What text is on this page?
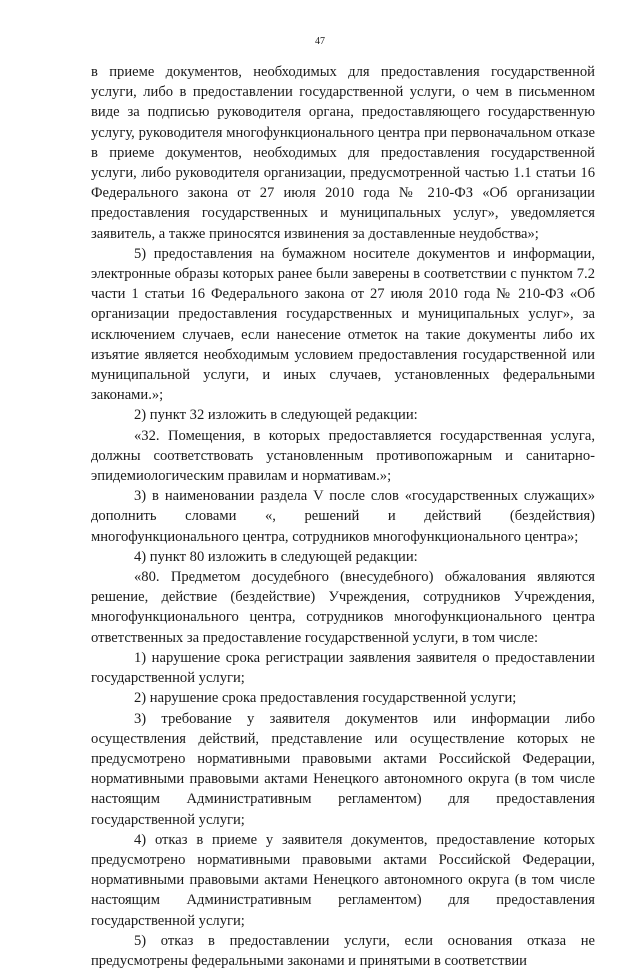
47

в приеме документов, необходимых для предоставления государственной услуги, либо в предоставлении государственной услуги, о чем в письменном виде за подписью руководителя органа, предоставляющего государственную услугу, руководителя многофункционального центра при первоначальном отказе в приеме документов, необходимых для предоставления государственной услуги, либо руководителя организации, предусмотренной частью 1.1 статьи 16 Федерального закона от 27 июля 2010 года № 210-ФЗ «Об организации предоставления государственных и муниципальных услуг», уведомляется заявитель, а также приносятся извинения за доставленные неудобства»;

5) предоставления на бумажном носителе документов и информации, электронные образы которых ранее были заверены в соответствии с пунктом 7.2 части 1 статьи 16 Федерального закона от 27 июля 2010 года № 210-ФЗ «Об организации предоставления государственных и муниципальных услуг», за исключением случаев, если нанесение отметок на такие документы либо их изъятие является необходимым условием предоставления государственной или муниципальной услуги, и иных случаев, установленных федеральными законами.»;

2) пункт 32 изложить в следующей редакции:

«32. Помещения, в которых предоставляется государственная услуга, должны соответствовать установленным противопожарным и санитарно-эпидемиологическим правилам и нормативам.»;

3) в наименовании раздела V после слов «государственных служащих» дополнить словами «, решений и действий (бездействия) многофункционального центра, сотрудников многофункционального центра»;

4) пункт 80 изложить в следующей редакции:

«80. Предметом досудебного (внесудебного) обжалования являются решение, действие (бездействие) Учреждения, сотрудников Учреждения, многофункционального центра, сотрудников многофункционального центра ответственных за предоставление государственной услуги, в том числе:

1) нарушение срока регистрации заявления заявителя о предоставлении государственной услуги;

2) нарушение срока предоставления государственной услуги;

3) требование у заявителя документов или информации либо осуществления действий, представление или осуществление которых не предусмотрено нормативными правовыми актами Российской Федерации, нормативными правовыми актами Ненецкого автономного округа (в том числе настоящим Административным регламентом) для предоставления государственной услуги;

4) отказ в приеме у заявителя документов, предоставление которых предусмотрено нормативными правовыми актами Российской Федерации, нормативными правовыми актами Ненецкого автономного округа (в том числе настоящим Административным регламентом) для предоставления государственной услуги;

5) отказ в предоставлении услуги, если основания отказа не предусмотрены федеральными законами и принятыми в соответствии
